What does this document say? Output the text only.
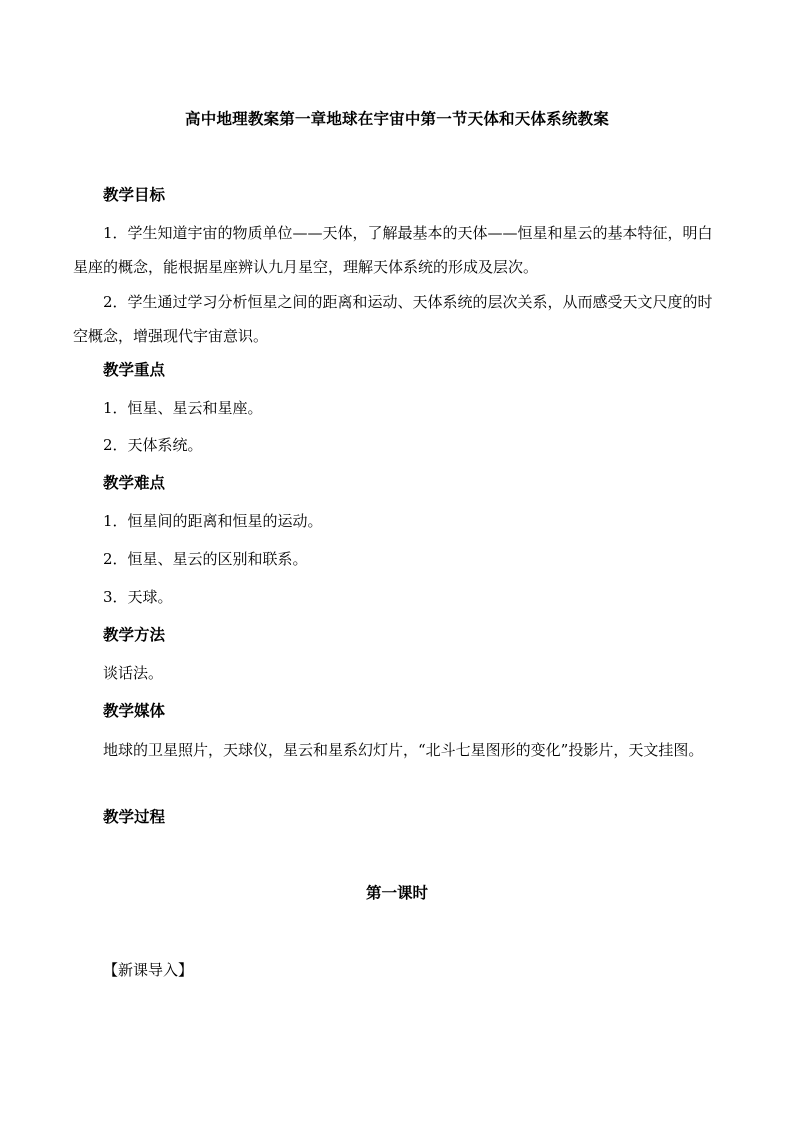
高中地理教案第一章地球在宇宙中第一节天体和天体系统教案
教学目标
1．学生知道宇宙的物质单位——天体，了解最基本的天体——恒星和星云的基本特征，明白星座的概念，能根据星座辨认九月星空，理解天体系统的形成及层次。
2．学生通过学习分析恒星之间的距离和运动、天体系统的层次关系，从而感受天文尺度的时空概念，增强现代宇宙意识。
教学重点
1．恒星、星云和星座。
2．天体系统。
教学难点
1．恒星间的距离和恒星的运动。
2．恒星、星云的区别和联系。
3．天球。
教学方法
谈话法。
教学媒体
地球的卫星照片，天球仪，星云和星系幻灯片，“北斗七星图形的变化”投影片，天文挂图。
教学过程
第一课时
【新课导入】
